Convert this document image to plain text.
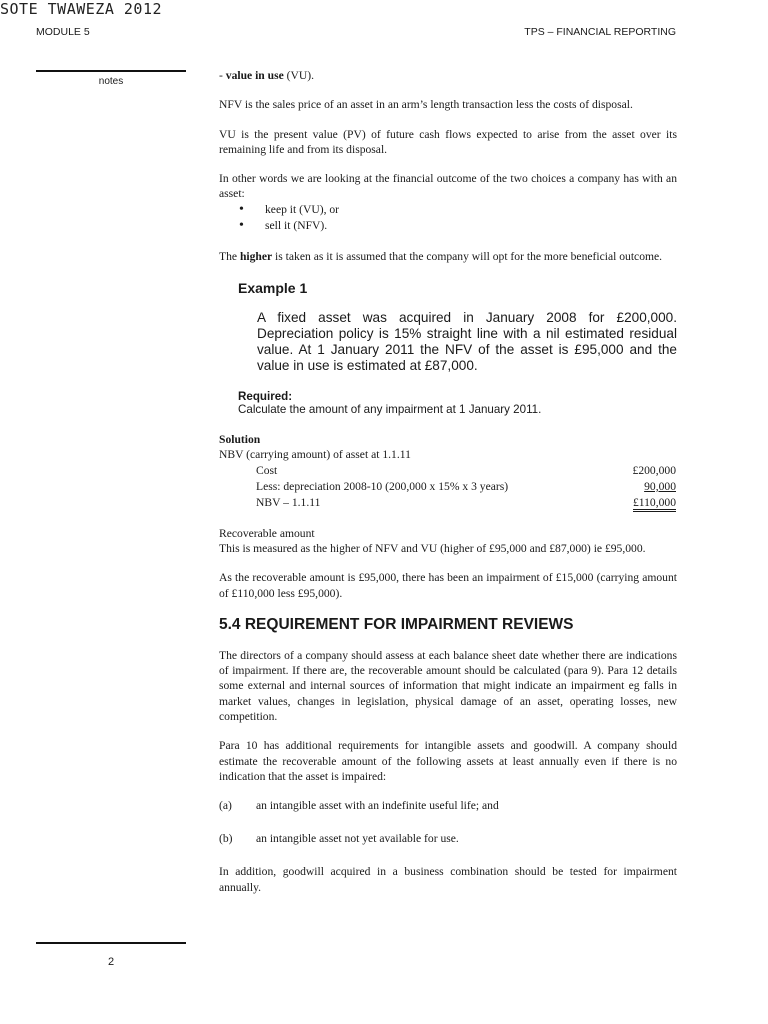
SOTE TWAWEZA 2012
MODULE 5	TPS – FINANCIAL REPORTING
notes
2

- value in use (VU).

NFV is the sales price of an asset in an arm’s length transaction less the costs of disposal.

VU is the present value (PV) of future cash flows expected to arise from the asset over its remaining life and from its disposal.

In other words we are looking at the financial outcome of the two choices a company has with an asset:

• keep it (VU), or
• sell it (NFV).

The higher is taken as it is assumed that the company will opt for the more beneficial outcome.

Example 1

A fixed asset was acquired in January 2008 for £200,000. Depreciation policy is 15% straight line with a nil estimated residual value. At 1 January 2011 the NFV of the asset is £95,000 and the value in use is estimated at £87,000.

Required:

Calculate the amount of any impairment at 1 January 2011.

Solution

NBV (carrying amount) of asset at 1.1.11

Cost	£200,000
Less: depreciation 2008-10 (200,000 x 15% x 3 years)	90,000
NBV – 1.1.11	£110,000

Recoverable amount

This is measured as the higher of NFV and VU (higher of £95,000 and £87,000) ie £95,000.

As the recoverable amount is £95,000, there has been an impairment of £15,000 (carrying amount of £110,000 less £95,000).

5.4 REQUIREMENT FOR IMPAIRMENT REVIEWS

The directors of a company should assess at each balance sheet date whether there are indications of impairment. If there are, the recoverable amount should be calculated (para 9). Para 12 details some external and internal sources of information that might indicate an impairment eg falls in market values, changes in legislation, physical damage of an asset, operating losses, new competition.

Para 10 has additional requirements for intangible assets and goodwill. A company should estimate the recoverable amount of the following assets at least annually even if there is no indication that the asset is impaired:

(a)	an intangible asset with an indefinite useful life; and
(b)	an intangible asset not yet available for use.

In addition, goodwill acquired in a business combination should be tested for impairment annually.
